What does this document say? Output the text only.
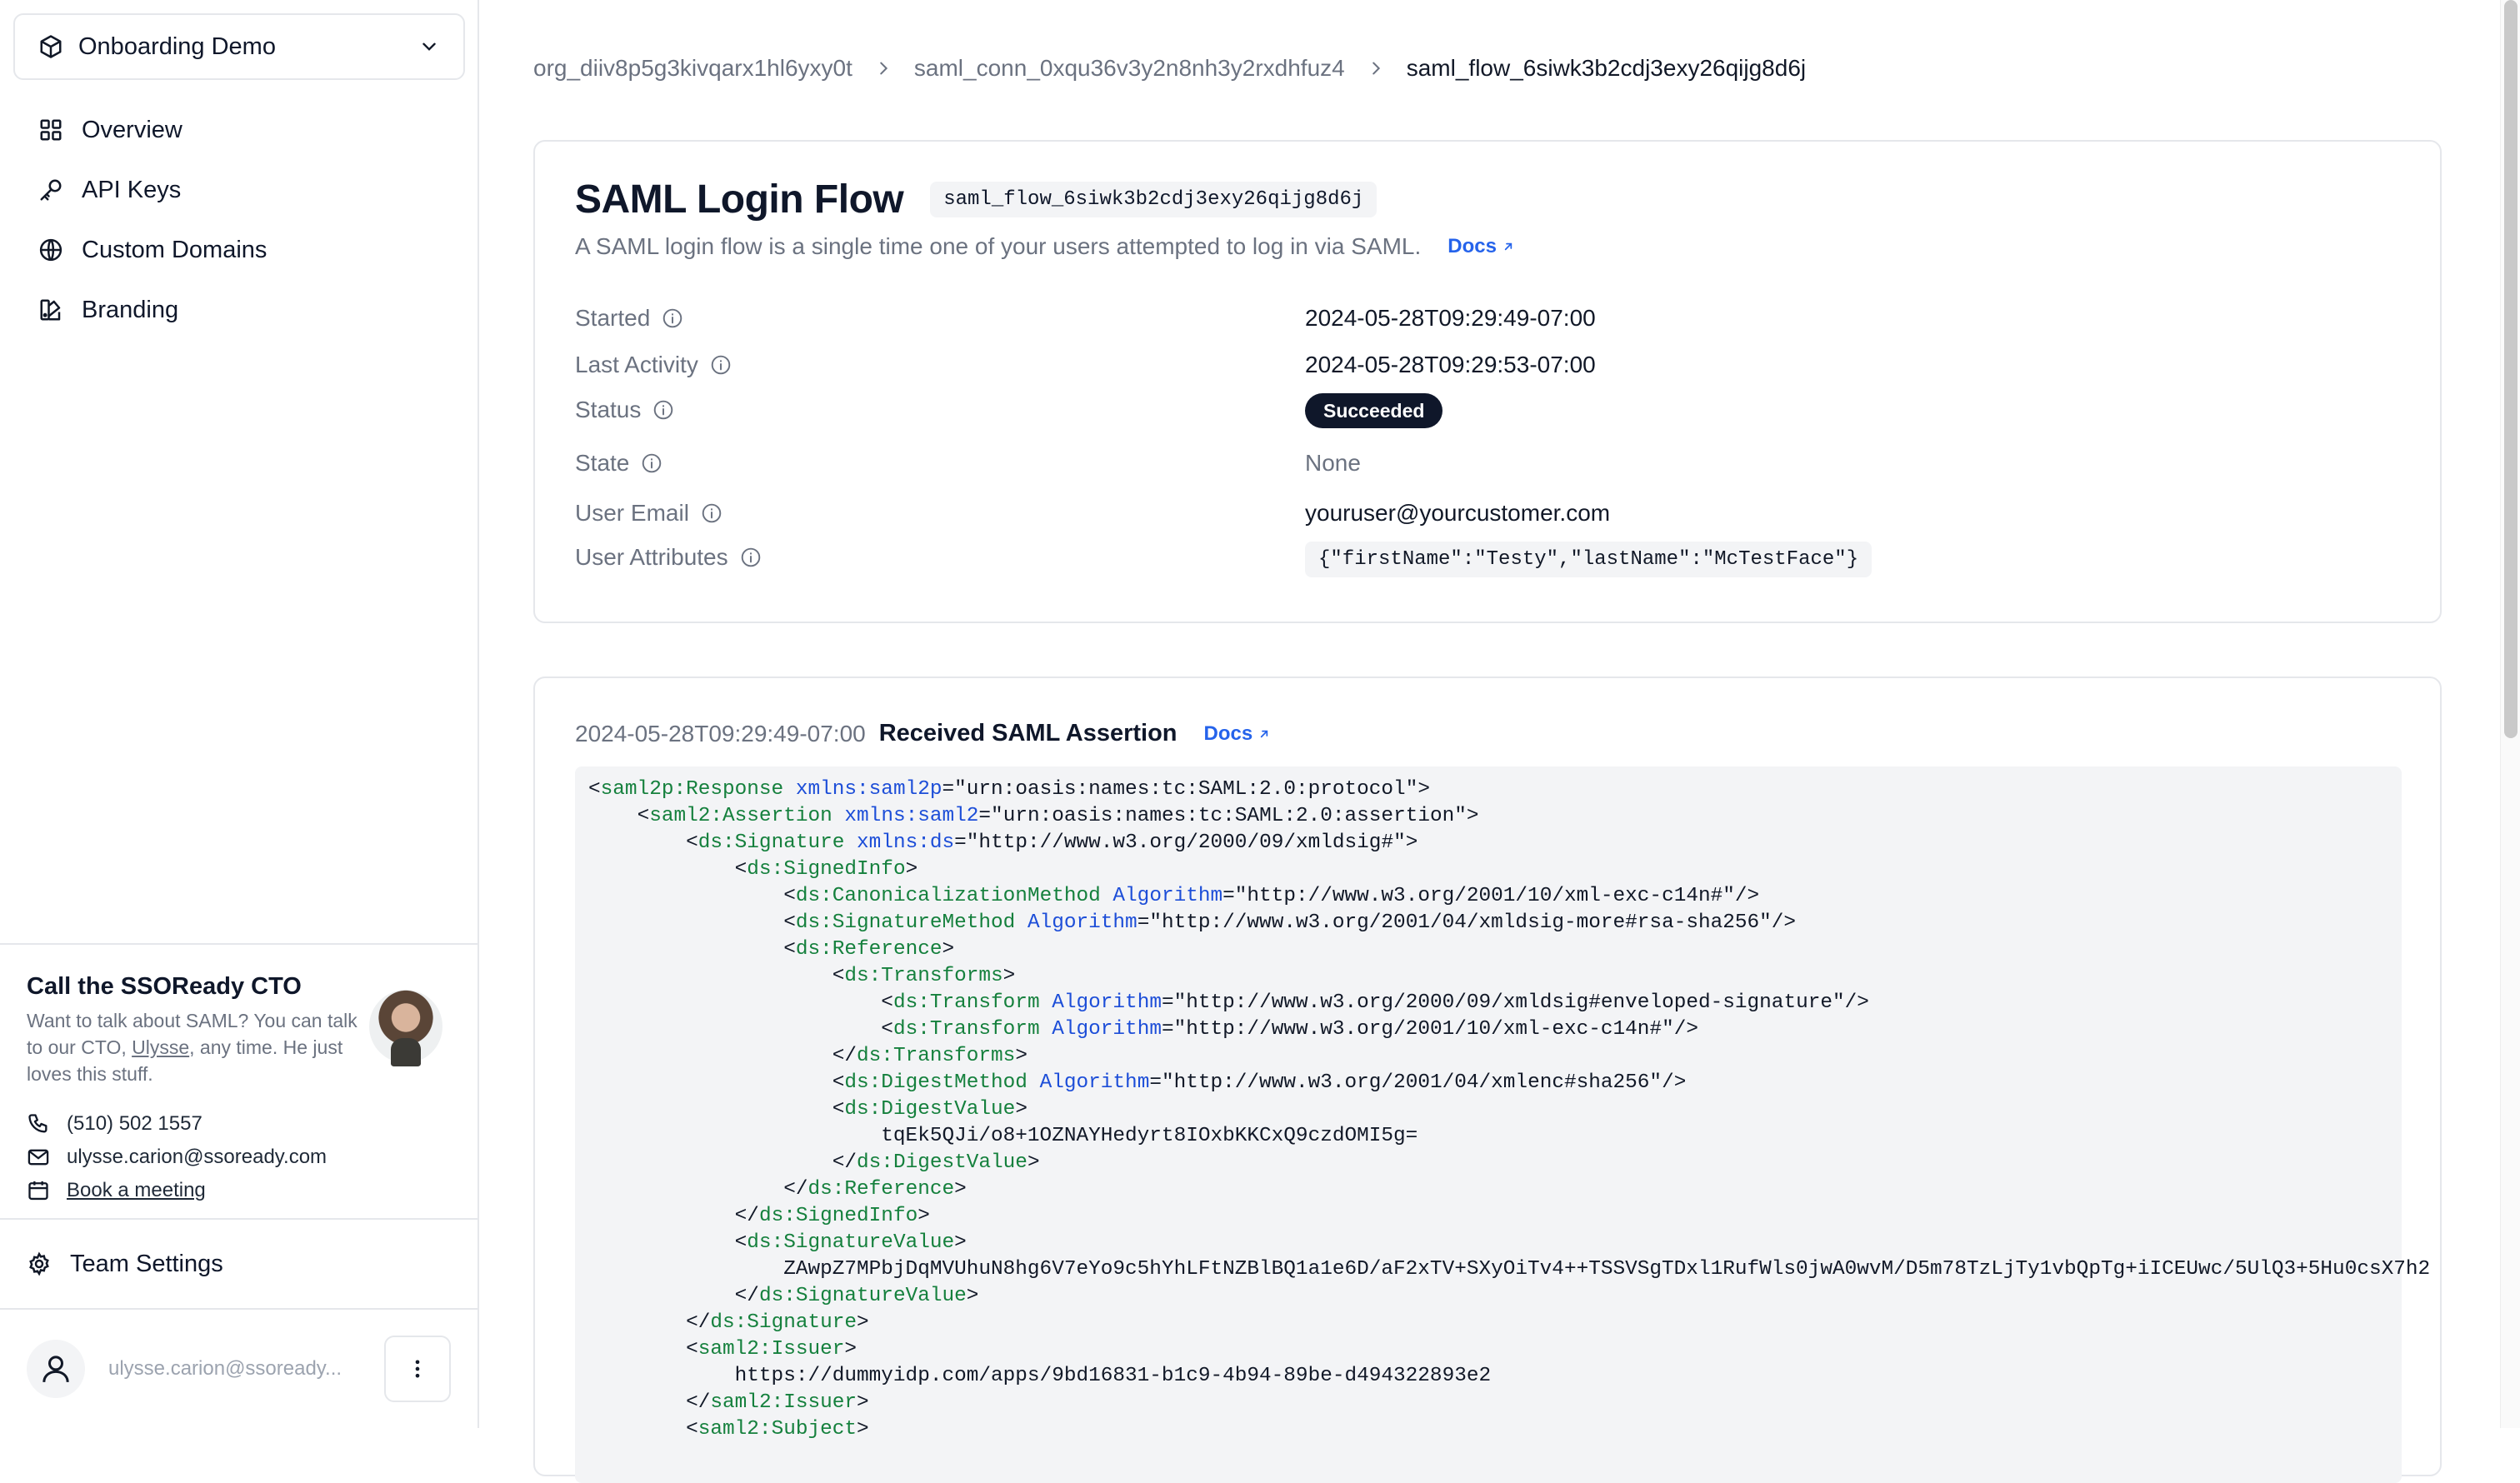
Onboarding Demo
Overview
API Keys
Custom Domains
Branding
Call the SSOReady CTO
Want to talk about SAML? You can talk to our CTO, Ulysse, any time. He just loves this stuff.
(510) 502 1557
ulysse.carion@ssoready.com
Book a meeting
Team Settings
ulysse.carion@ssoready...
org_diiv8p5g3kivqarx1hl6yxy0t	saml_conn_0xqu36v3y2n8nh3y2rxdhfuz4	saml_flow_6siwk3b2cdj3exy26qijg8d6j
SAML Login Flow	saml_flow_6siwk3b2cdj3exy26qijg8d6j
A SAML login flow is a single time one of your users attempted to log in via SAML. Docs
Started	2024-05-28T09:29:49-07:00
Last Activity	2024-05-28T09:29:53-07:00
Status	Succeeded
State	None
User Email	youruser@yourcustomer.com
User Attributes	{"firstName":"Testy","lastName":"McTestFace"}
2024-05-28T09:29:49-07:00 Received SAML Assertion Docs
<saml2p:Response xmlns:saml2p="urn:oasis:names:tc:SAML:2.0:protocol">
<saml2:Assertion xmlns:saml2="urn:oasis:names:tc:SAML:2.0:assertion">
<ds:Signature xmlns:ds="http://www.w3.org/2000/09/xmldsig#">
<ds:SignedInfo>
<ds:CanonicalizationMethod Algorithm="http://www.w3.org/2001/10/xml-exc-c14n#"/>
<ds:SignatureMethod Algorithm="http://www.w3.org/2001/04/xmldsig-more#rsa-sha256"/>
<ds:Reference>
<ds:Transforms>
<ds:Transform Algorithm="http://www.w3.org/2000/09/xmldsig#enveloped-signature"/>
<ds:Transform Algorithm="http://www.w3.org/2001/10/xml-exc-c14n#"/>
</ds:Transforms>
<ds:DigestMethod Algorithm="http://www.w3.org/2001/04/xmlenc#sha256"/>
<ds:DigestValue>
tqEk5QJi/o8+1OZNAYHedyrt8IOxbKKCxQ9czdOMI5g=
</ds:DigestValue>
</ds:Reference>
</ds:SignedInfo>
<ds:SignatureValue>
ZAwpZ7MPbjDqMVUhuN8hg6V7eYo9c5hYhLFtNZBlBQ1a1e6D/aF2xTV+SXyOiTv4++TSSVSgTDxl1RufWls0jwA0wvM/D5m78TzLjTy1vbQpTg+iICEUwc/5UlQ3+5Hu0csX7h2
</ds:SignatureValue>
</ds:Signature>
<saml2:Issuer>
https://dummyidp.com/apps/9bd16831-b1c9-4b94-89be-d494322893e2
</saml2:Issuer>
<saml2:Subject>
